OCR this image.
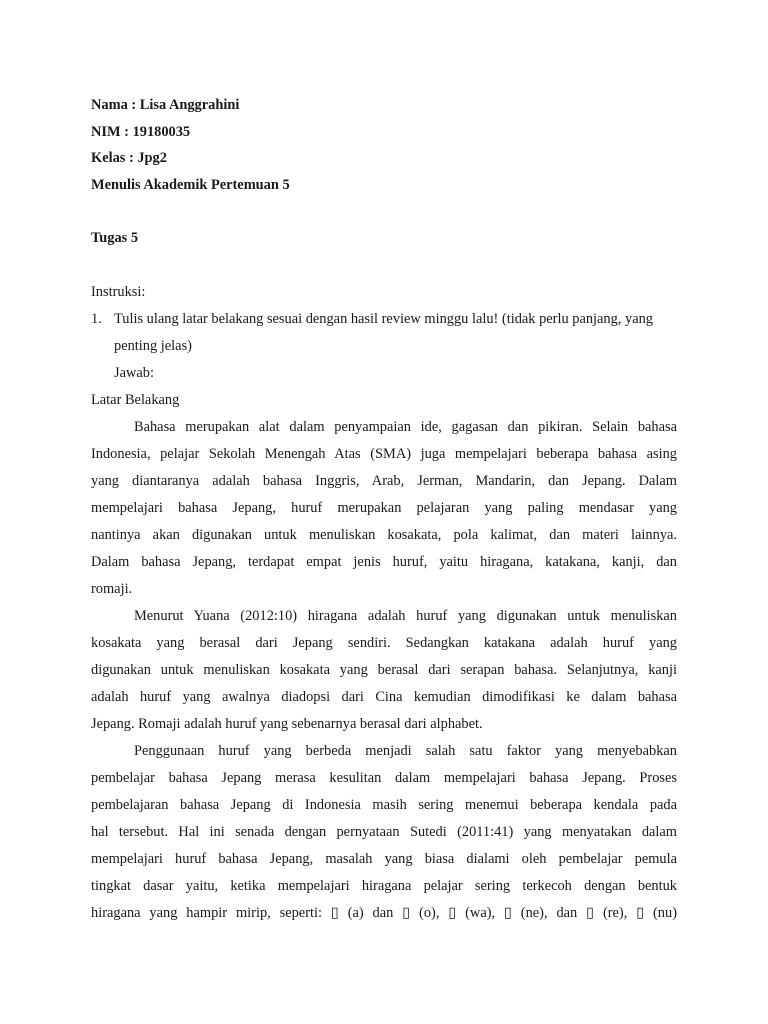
Nama : Lisa Anggrahini
NIM : 19180035
Kelas : Jpg2
Menulis Akademik Pertemuan 5
Tugas 5
Instruksi:
1. Tulis ulang latar belakang sesuai dengan hasil review minggu lalu! (tidak perlu panjang, yang
penting jelas)
Jawab:
Latar Belakang
Bahasa merupakan alat dalam penyampaian ide, gagasan dan pikiran. Selain bahasa
Indonesia, pelajar Sekolah Menengah Atas (SMA) juga mempelajari beberapa bahasa asing
yang diantaranya adalah bahasa Inggris, Arab, Jerman, Mandarin, dan Jepang. Dalam
mempelajari bahasa Jepang, huruf merupakan pelajaran yang paling mendasar yang
nantinya akan digunakan untuk menuliskan kosakata, pola kalimat, dan materi lainnya.
Dalam bahasa Jepang, terdapat empat jenis huruf, yaitu hiragana, katakana, kanji, dan
romaji.
Menurut Yuana (2012:10) hiragana adalah huruf yang digunakan untuk menuliskan
kosakata yang berasal dari Jepang sendiri. Sedangkan katakana adalah huruf yang
digunakan untuk menuliskan kosakata yang berasal dari serapan bahasa. Selanjutnya, kanji
adalah huruf yang awalnya diadopsi dari Cina kemudian dimodifikasi ke dalam bahasa
Jepang. Romaji adalah huruf yang sebenarnya berasal dari alphabet.
Penggunaan huruf yang berbeda menjadi salah satu faktor yang menyebabkan
pembelajar bahasa Jepang merasa kesulitan dalam mempelajari bahasa Jepang. Proses
pembelajaran bahasa Jepang di Indonesia masih sering menemui beberapa kendala pada
hal tersebut. Hal ini senada dengan pernyataan Sutedi (2011:41) yang menyatakan dalam
mempelajari huruf bahasa Jepang, masalah yang biasa dialami oleh pembelajar pemula
tingkat dasar yaitu, ketika mempelajari hiragana pelajar sering terkecoh dengan bentuk
hiragana yang hampir mirip, seperti: ▯ (a) dan ▯ (o), ▯ (wa), ▯ (ne), dan ▯ (re), ▯ (nu)
